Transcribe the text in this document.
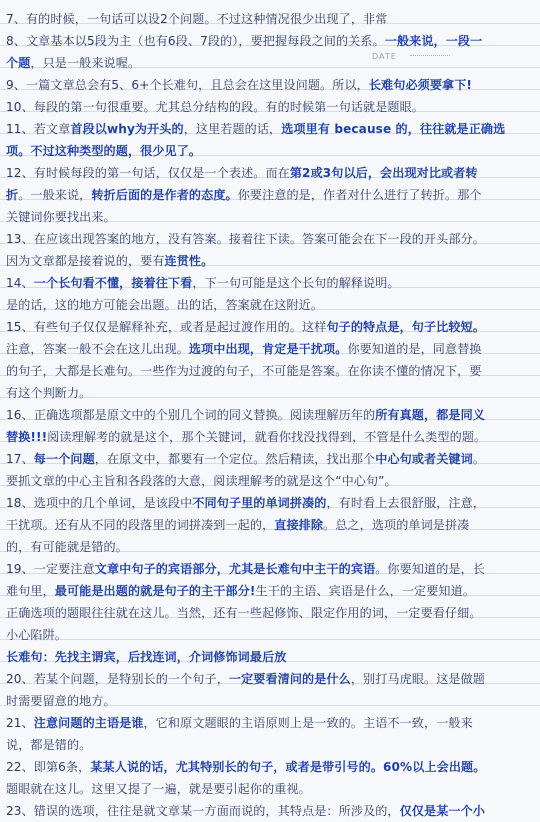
DATE
7、有的时候，一句话可以设2个问题。不过这种情况很少出现了，非常
8、文章基本以5段为主（也有6段、7段的），要把握每段之间的关系。一般来说，一段一
个题，只是一般来说喔。
9、一篇文章总会有5、6+个长难句，且总会在这里设问题。所以，长难句必须要拿下!
10、每段的第一句很重要。尤其总分结构的段。有的时候第一句话就是题眼。
11、若文章首段以why为开头的，这里若题的话，选项里有 because 的，往往就是正确选
项。不过这种类型的题，很少见了。
12、有时候每段的第一句话，仅仅是一个表述。而在第2或3句以后，会出现对比或者转
折。一般来说，转折后面的是作者的态度。你要注意的是，作者对什么进行了转折。那个
关键词你要找出来。
13、在应该出现答案的地方，没有答案。接着往下读。答案可能会在下一段的开头部分。
因为文章都是接着说的，要有连贯性。
14、一个长句看不懂，接着往下看，下一句可能是这个长句的解释说明。
是的话，这的地方可能会出题。出的话，答案就在这附近。
15、有些句子仅仅是解释补充，或者是起过渡作用的。这样句子的特点是，句子比较短。
注意，答案一般不会在这儿出现。选项中出现，肯定是干扰项。你要知道的是，同意替换
的句子，大都是长难句。一些作为过渡的句子，不可能是答案。在你读不懂的情况下，要
有这个判断力。
16、正确选项都是原文中的个别几个词的同义替换。阅读理解历年的所有真题，都是同义
替换!!!阅读理解考的就是这个，那个关键词，就看你找没找得到，不管是什么类型的题。
17、每一个问题，在原文中，都要有一个定位。然后精读，找出那个中心句或者关键词。
要抓文章的中心主旨和各段落的大意，阅读理解考的就是这个“中心句”。
18、选项中的几个单词，是该段中不同句子里的单词拼凑的，有时看上去很舒服，注意，
干扰项。还有从不同的段落里的词拼凑到一起的，直接排除。总之，选项的单词是拼凑
的，有可能就是错的。
19、一定要注意文章中句子的宾语部分，尤其是长难句中主干的宾语。你要知道的是，长
难句里，最可能是出题的就是句子的主干部分!生干的主语、宾语是什么，一定要知道。
正确选项的题眼往往就在这儿。当然，还有一些起修饰、限定作用的词，一定要看仔细。
小心陷阱。
长难句：先找主谓宾，后找连词，介词修饰词最后放
20、若某个问题，是特别长的一个句子，一定要看清问的是什么，别打马虎眼。这是做题
时需要留意的地方。
21、注意问题的主语是谁，它和原文题眼的主语原则上是一致的。主语不一致，一般来
说，都是错的。
22、即第6条，某某人说的话，尤其特别长的句子，或者是带引号的。60%以上会出题。
题眼就在这儿。这里又提了一遍，就是要引起你的重视。
23、错误的选项，往往是就文章某一方面而说的，其特点是：所涉及的，仅仅是某一个小
